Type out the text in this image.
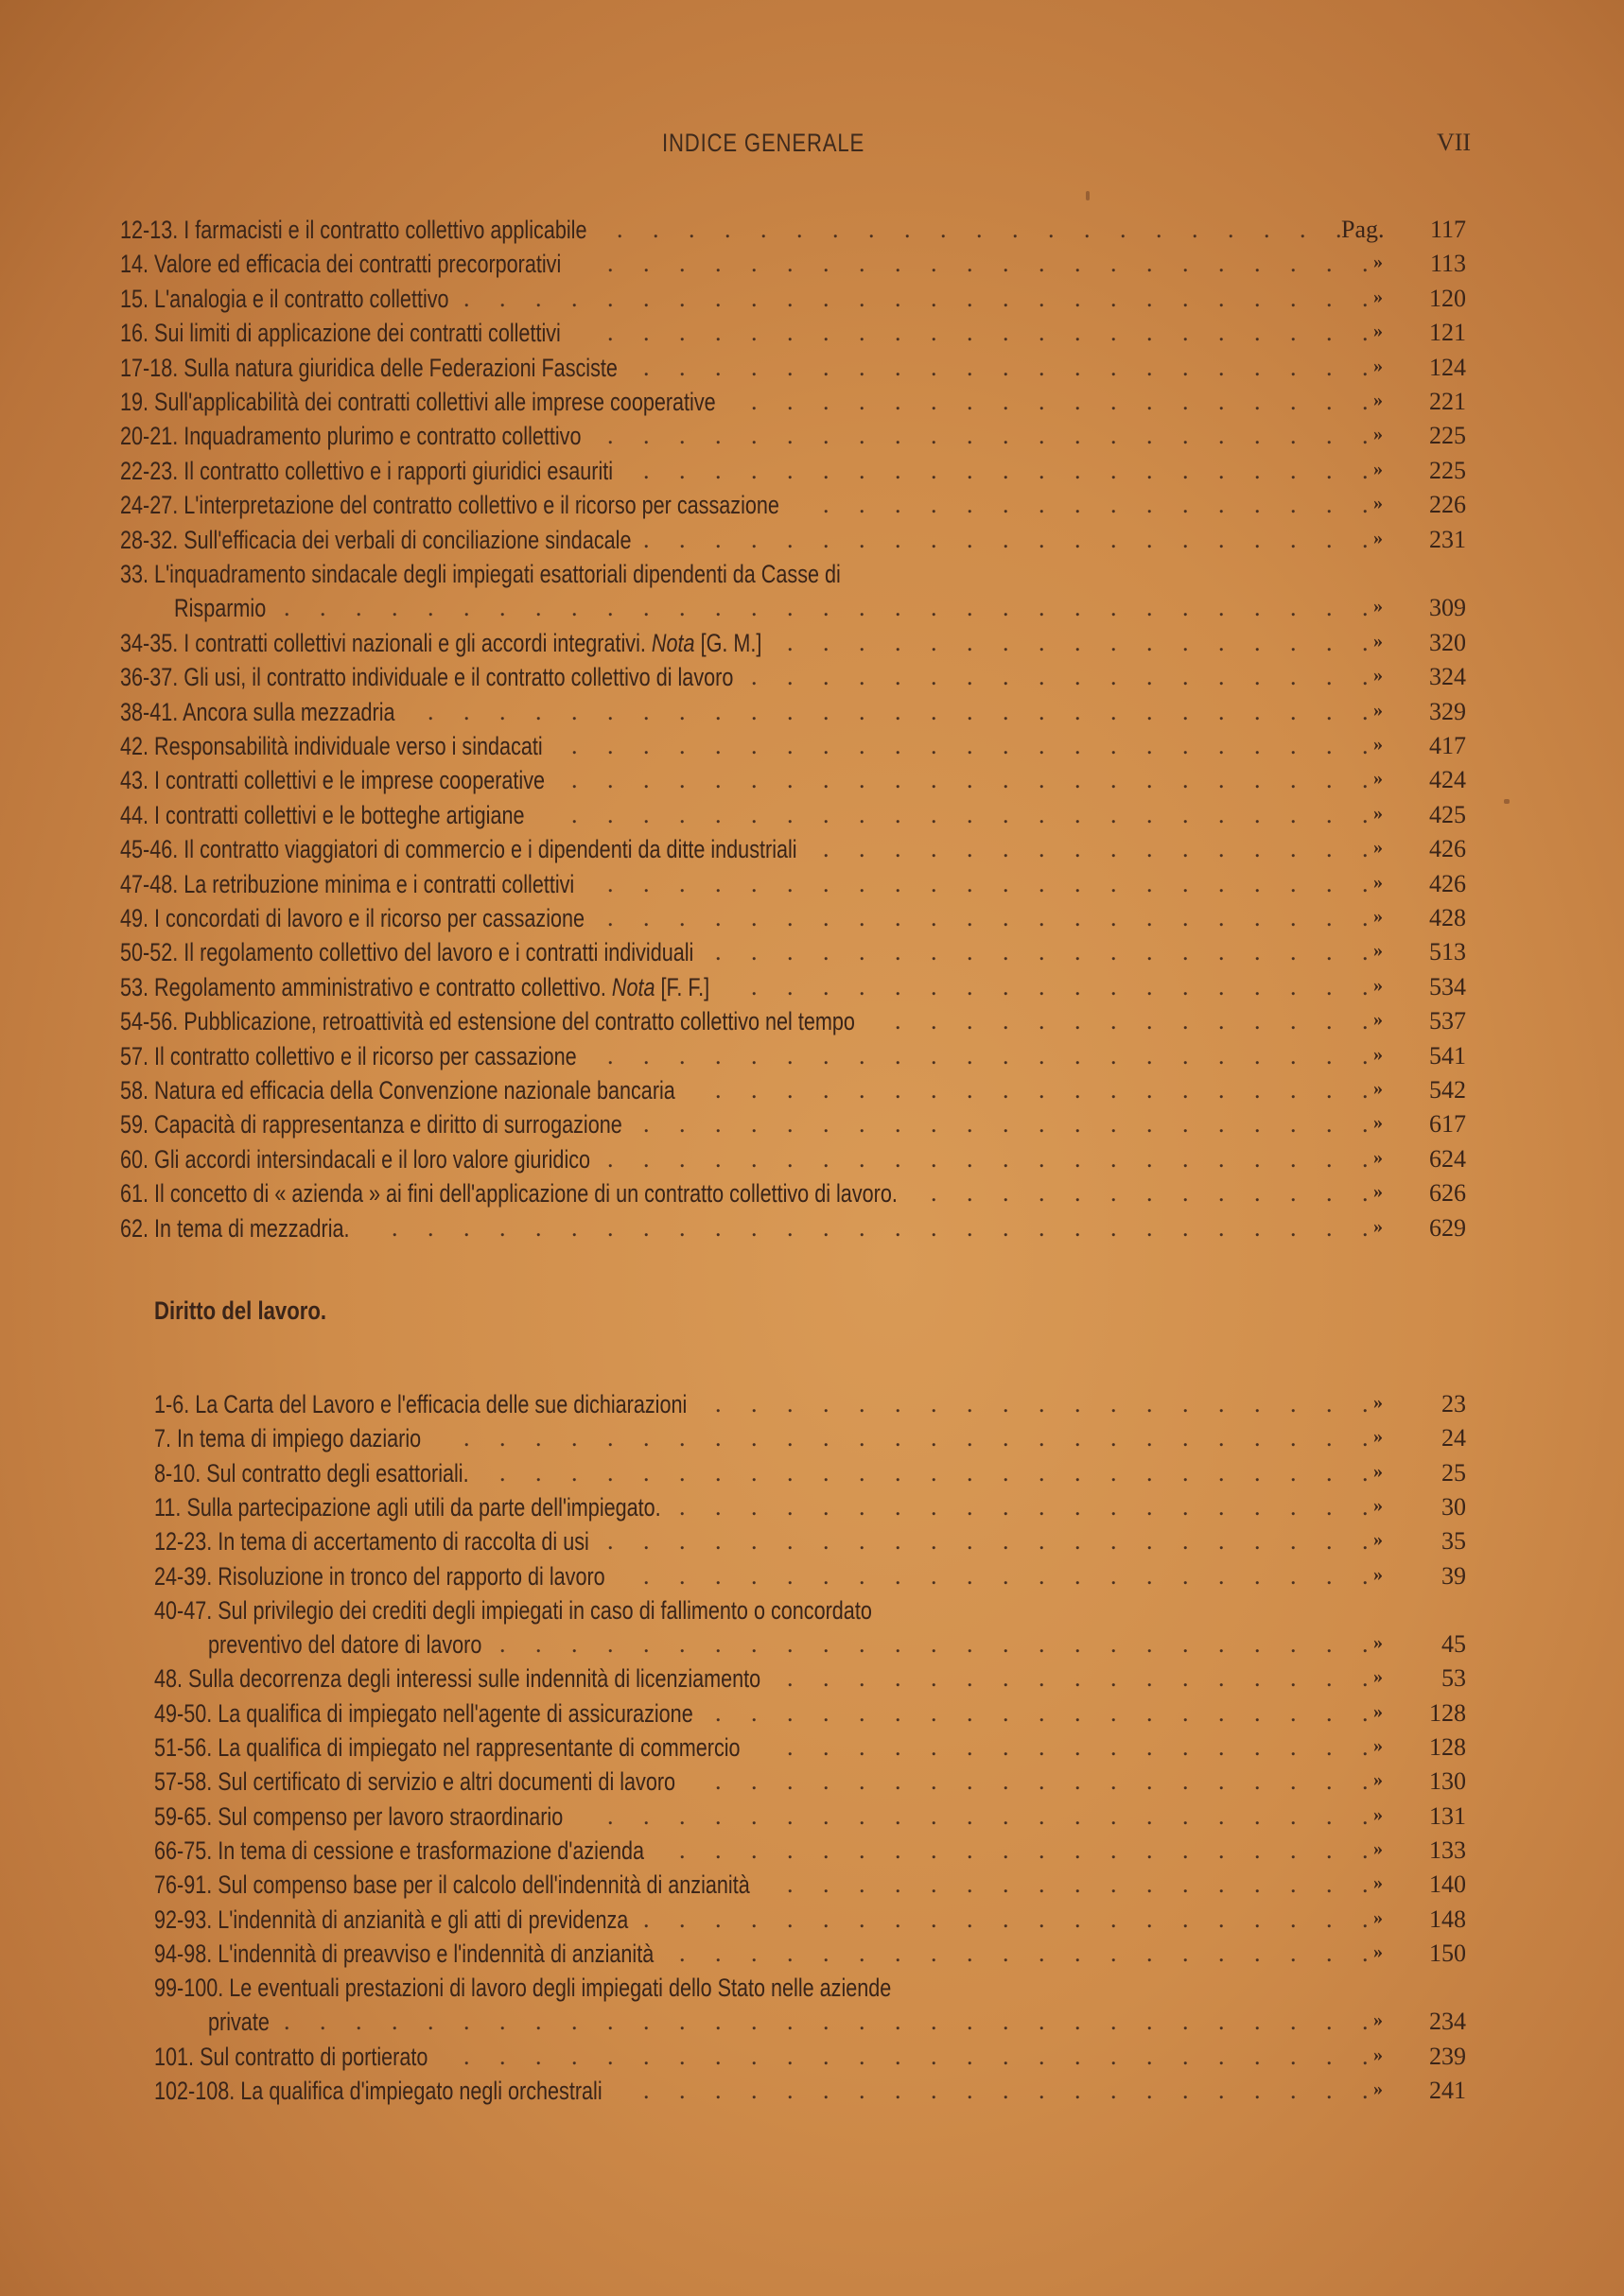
INDICE GENERALE	VII
12-13. I farmacisti e il contratto collettivo applicabile . . . . . . . . . . . . . . . . . . . . . Pag.	117
14. Valore ed efficacia dei contratti precorporativi . . . . . . . . . . . . . . . . . . . . . . »	113
15. L'analogia e il contratto collettivo . . . . . . . . . . . . . . . . . . . . . . . . . . »	120
16. Sui limiti di applicazione dei contratti collettivi . . . . . . . . . . . . . . . . . . . . . . »	121
17-18. Sulla natura giuridica delle Federazioni Fasciste . . . . . . . . . . . . . . . . . . . . . »	124
19. Sull'applicabilità dei contratti collettivi alle imprese cooperative . . . . . . . . . . . . . . . . . . »	221
20-21. Inquadramento plurimo e contratto collettivo . . . . . . . . . . . . . . . . . . . . . . »	225
22-23. Il contratto collettivo e i rapporti giuridici esauriti . . . . . . . . . . . . . . . . . . . . . »	225
24-27. L'interpretazione del contratto collettivo e il ricorso per cassazione . . . . . . . . . . . . . . . . »	226
28-32. Sull'efficacia dei verbali di conciliazione sindacale . . . . . . . . . . . . . . . . . . . . . »	231
33. L'inquadramento sindacale degli impiegati esattoriali dipendenti da Casse di
Risparmio . . . . . . . . . . . . . . . . . . . . . . . . . . . . . . . »	309
34-35. I contratti collettivi nazionali e gli accordi integrativi. Nota [G. M.] . . . . . . . . . . . . . . . . . »	320
36-37. Gli usi, il contratto individuale e il contratto collettivo di lavoro . . . . . . . . . . . . . . . . . . »	324
38-41. Ancora sulla mezzadria . . . . . . . . . . . . . . . . . . . . . . . . . . . »	329
42. Responsabilità individuale verso i sindacati . . . . . . . . . . . . . . . . . . . . . . . »	417
43. I contratti collettivi e le imprese cooperative . . . . . . . . . . . . . . . . . . . . . . . »	424
44. I contratti collettivi e le botteghe artigiane . . . . . . . . . . . . . . . . . . . . . . . »	425
45-46. Il contratto viaggiatori di commercio e i dipendenti da ditte industriali . . . . . . . . . . . . . . . . »	426
47-48. La retribuzione minima e i contratti collettivi . . . . . . . . . . . . . . . . . . . . . . »	426
49. I concordati di lavoro e il ricorso per cassazione . . . . . . . . . . . . . . . . . . . . . . »	428
50-52. Il regolamento collettivo del lavoro e i contratti individuali . . . . . . . . . . . . . . . . . . . »	513
53. Regolamento amministrativo e contratto collettivo. Nota [F. F.] . . . . . . . . . . . . . . . . . . »	534
54-56. Pubblicazione, retroattività ed estensione del contratto collettivo nel tempo . . . . . . . . . . . . . . »	537
57. Il contratto collettivo e il ricorso per cassazione . . . . . . . . . . . . . . . . . . . . . . »	541
58. Natura ed efficacia della Convenzione nazionale bancaria . . . . . . . . . . . . . . . . . . . »	542
59. Capacità di rappresentanza e diritto di surrogazione . . . . . . . . . . . . . . . . . . . . . »	617
60. Gli accordi intersindacali e il loro valore giuridico . . . . . . . . . . . . . . . . . . . . . . »	624
61. Il concetto di « azienda » ai fini dell'applicazione di un contratto collettivo di lavoro. . . . . . . . . . . . . . »	626
62. In tema di mezzadria. . . . . . . . . . . . . . . . . . . . . . . . . . . . . »	629
Diritto del lavoro.
1-6. La Carta del Lavoro e l'efficacia delle sue dichiarazioni . . . . . . . . . . . . . . . . . . . »	23
7. In tema di impiego daziario . . . . . . . . . . . . . . . . . . . . . . . . . . »	24
8-10. Sul contratto degli esattoriali. . . . . . . . . . . . . . . . . . . . . . . . . . »	25
11. Sulla partecipazione agli utili da parte dell'impiegato. . . . . . . . . . . . . . . . . . . . . »	30
12-23. In tema di accertamento di raccolta di usi . . . . . . . . . . . . . . . . . . . . . . »	35
24-39. Risoluzione in tronco del rapporto di lavoro . . . . . . . . . . . . . . . . . . . . . »	39
40-47. Sul privilegio dei crediti degli impiegati in caso di fallimento o concordato
preventivo del datore di lavoro . . . . . . . . . . . . . . . . . . . . . . . . . »	45
48. Sulla decorrenza degli interessi sulle indennità di licenziamento . . . . . . . . . . . . . . . . . »	53
49-50. La qualifica di impiegato nell'agente di assicurazione . . . . . . . . . . . . . . . . . . . »	128
51-56. La qualifica di impiegato nel rappresentante di commercio . . . . . . . . . . . . . . . . . »	128
57-58. Sul certificato di servizio e altri documenti di lavoro . . . . . . . . . . . . . . . . . . . »	130
59-65. Sul compenso per lavoro straordinario . . . . . . . . . . . . . . . . . . . . . . »	131
66-75. In tema di cessione e trasformazione d'azienda . . . . . . . . . . . . . . . . . . . . »	133
76-91. Sul compenso base per il calcolo dell'indennità di anzianità . . . . . . . . . . . . . . . . . »	140
92-93. L'indennità di anzianità e gli atti di previdenza . . . . . . . . . . . . . . . . . . . . . »	148
94-98. L'indennità di preavviso e l'indennità di anzianità . . . . . . . . . . . . . . . . . . . . »	150
99-100. Le eventuali prestazioni di lavoro degli impiegati dello Stato nelle aziende
private . . . . . . . . . . . . . . . . . . . . . . . . . . . . . . . »	234
101. Sul contratto di portierato . . . . . . . . . . . . . . . . . . . . . . . . . . »	239
102-108. La qualifica d'impiegato negli orchestrali . . . . . . . . . . . . . . . . . . . . . »	241
